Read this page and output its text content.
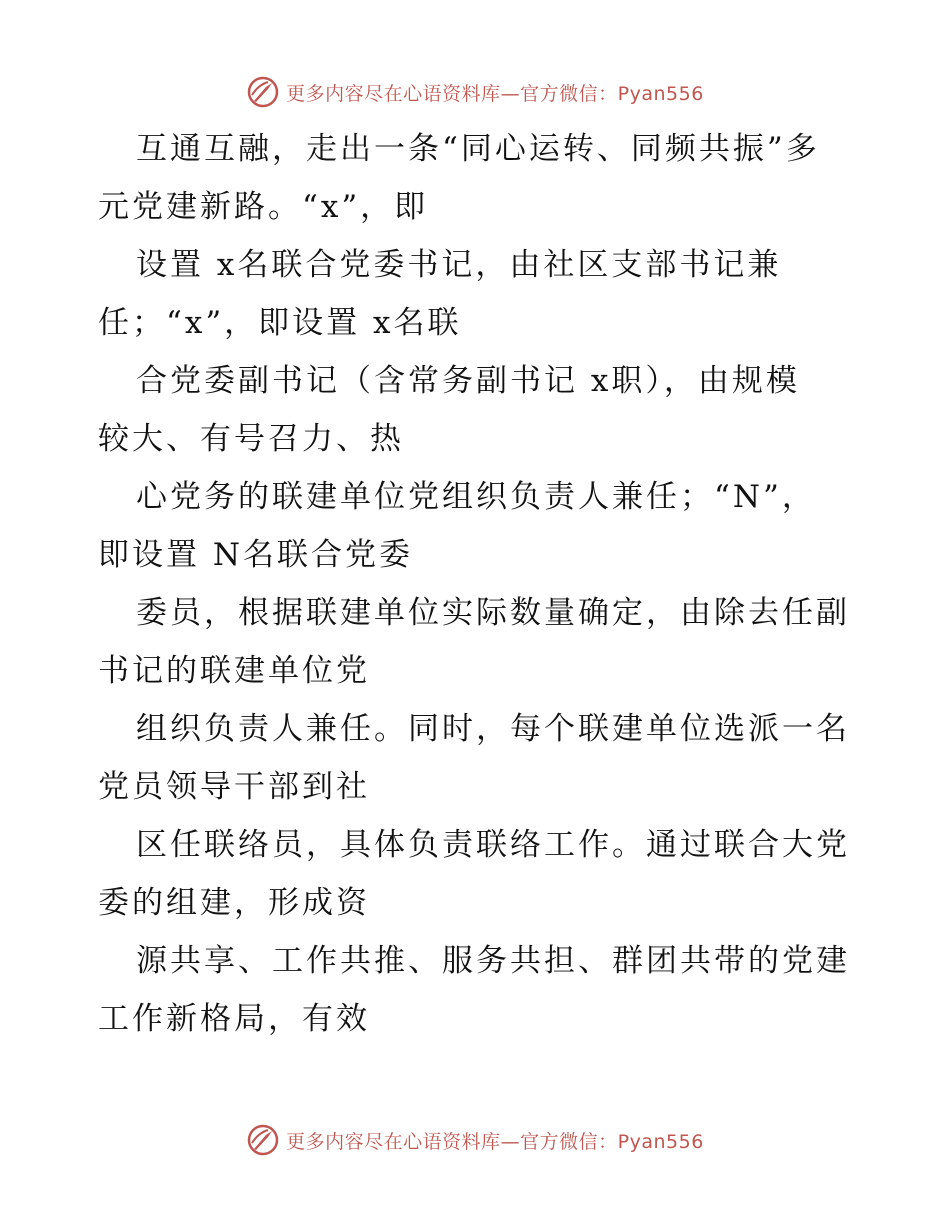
更多内容尽在心语资料库—官方微信：Pyan556
互通互融，走出一条“同心运转、同频共振”多
元党建新路。“x”，即
设置 x名联合党委书记，由社区支部书记兼
任；“x”，即设置 x名联
合党委副书记（含常务副书记 x职），由规模
较大、有号召力、热
心党务的联建单位党组织负责人兼任；“N”，
即设置 N名联合党委
委员，根据联建单位实际数量确定，由除去任副
书记的联建单位党
组织负责人兼任。同时，每个联建单位选派一名
党员领导干部到社
区任联络员，具体负责联络工作。通过联合大党
委的组建，形成资
源共享、工作共推、服务共担、群团共带的党建
工作新格局，有效
更多内容尽在心语资料库—官方微信：Pyan556
